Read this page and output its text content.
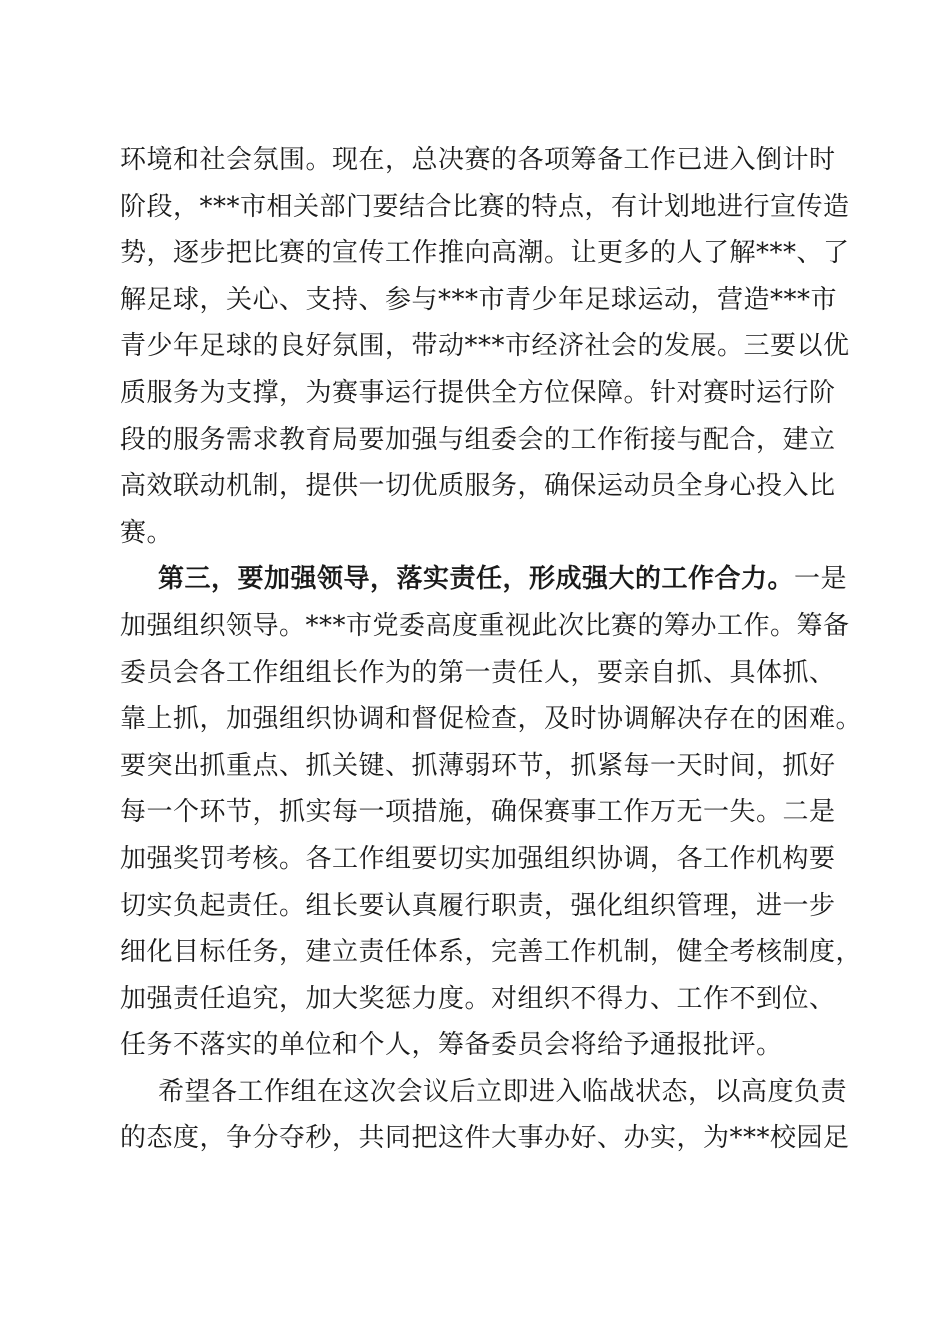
环境和社会氛围。现在，总决赛的各项筹备工作已进入倒计时
阶段，***市相关部门要结合比赛的特点，有计划地进行宣传造
势，逐步把比赛的宣传工作推向高潮。让更多的人了解***、了
解足球，关心、支持、参与***市青少年足球运动，营造***市
青少年足球的良好氛围，带动***市经济社会的发展。三要以优
质服务为支撑，为赛事运行提供全方位保障。针对赛时运行阶
段的服务需求教育局要加强与组委会的工作衔接与配合，建立
高效联动机制，提供一切优质服务，确保运动员全身心投入比
赛。
第三，要加强领导，落实责任，形成强大的工作合力。一是
加强组织领导。***市党委高度重视此次比赛的筹办工作。筹备
委员会各工作组组长作为的第一责任人，要亲自抓、具体抓、
靠上抓，加强组织协调和督促检查，及时协调解决存在的困难。
要突出抓重点、抓关键、抓薄弱环节，抓紧每一天时间，抓好
每一个环节，抓实每一项措施，确保赛事工作万无一失。二是
加强奖罚考核。各工作组要切实加强组织协调，各工作机构要
切实负起责任。组长要认真履行职责，强化组织管理，进一步
细化目标任务，建立责任体系，完善工作机制，健全考核制度，
加强责任追究，加大奖惩力度。对组织不得力、工作不到位、
任务不落实的单位和个人，筹备委员会将给予通报批评。
希望各工作组在这次会议后立即进入临战状态，以高度负责
的态度，争分夺秒，共同把这件大事办好、办实，为***校园足
